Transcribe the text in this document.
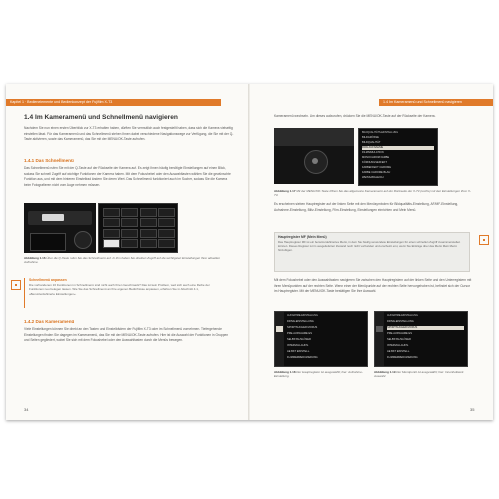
Kapitel 1 · Bedienelemente und Bedienkonzept der Fujifilm X-T3
1.4 Im Kameramenü und Schnellmenü navigieren
Nachdem Sie nun einen ersten Überblick zur X-T3 erhalten haben, dürften Sie vermutlich auch festgestellt haben, dass sich die Kamera vielseitig einstellen lässt. Für das Kameramenü und das Schnellmenü stehen Ihnen dabei verschiedene Navigationswege zur Verfügung, die Sie mit der Q-Taste aktivieren, sowie das Kameramenü, das Sie mit der MENU/OK-Taste aufrufen.
1.4.1 Das Schnellmenü
Das Schnellmenü rufen Sie mit der Q-Taste auf der Rückseite der Kamera auf. Es zeigt Ihnen häufig benötigte Einstellungen auf einen Blick, sodass Sie schnell Zugriff auf wichtige Funktionen der Kamera haben. Mit dem Fokushebel oder den Auswahltasten wählen Sie die gewünschte Funktion aus, und mit dem hinteren Einstellrad ändern Sie deren Wert. Das Schnellmenü funktioniert auch im Sucher, sodass Sie die Kamera beim Fotografieren nicht vom Auge nehmen müssen.
Abbildung 1.16 Über die Q-Taste rufen Sie das Schnellmenü auf. In ihm haben Sie direkten Zugriff auf die wichtigsten Einstellungen Ihrer aktuellen Aufnahme.
Schnellmenü anpassen
Die vorhandenen 16 Funktionen im Schnellmenü sind nicht auch Ihren Geschmack? Das ist kein Problem, weil sich auch eine Reihe der Funktionen neu belegen lassen. Wie Sie das Schnellmenü an Ihre eigenen Bedürfnisse anpassen, erfahren Sie in Abschnitt 4.1, »Benutzerdefinierte Einstellungen«.
1.4.2 Das Kameramenü
Viele Einstellungen können Sie direkt an den Tasten und Einstellrädern der Fujifilm X-T3 oder im Schnellmenü vornehmen. Tiefergehende Einstellungen finden Sie dagegen im Kameramenü, das Sie mit der MENU/OK-Taste aufrufen. Hier ist die Auswahl der Funktionen in Gruppen und Seiten gegliedert, wobei Sie sich mit dem Fokushebel oder den Auswahltasten durch die Menüs bewegen.
34
1.4 Im Kameramenü und Schnellmenü navigieren
Kameramenü wechseln. Um dieses aufzurufen, drücken Sie die MENU/OK-Taste auf der Rückseite der Kamera.
BILDQUALITÄTS-EINSTELLUNG
BILDGRÖSSE
BILDQUALITÄT
RAW AUFNAHME
FILMSIMULATION
MONOCHROM FARBE
KÖRNUNGSEFFEKT
FARBEFFEKT CHROME
FARBE CHROME BLAU
WEISSABGLEICH
Abbildung 1.17 Mit der MENU/OK-Taste öffnen Sie das allgemeine Kameramenü auf der Rückseite der X-T3 (rechts) mit den Einstellungen Ihrer X-T3.
Es erscheinen sieben Hauptregister auf der linken Seite mit den Menüsymbolen für Bildqualitäts-Einstellung, AF/MF-Einstellung, Aufnahme-Einstellung, Blitz-Einstellung, Film-Einstellung, Einstellungen einrichten und Mein Menü.
Hauptregister MF (Mein Menü)
Das Hauptregister MF ist ein benutzerdefiniertes Menü, in dem Sie häufig verwendete Einstellungen für einen schnellen Zugriff zusammenstellen können. Dieses Register ist im ausgelieferten Zustand noch nicht vorhanden und erscheint erst, wenn Sie Einträge über das Menü Mein Menü hinzufügen.
Mit dem Fokushebel oder den Auswahltasten navigieren Sie zwischen den Hauptregistern auf der linken Seite und den Unterregistern mit ihren Menüpunkten auf der rechten Seite. Wenn einer der Menüpunkte auf der rechten Seite hervorgehoben ist, befindet sich der Cursor im Hauptregister. Mit der MENU/OK-Taste bestätigen Sie Ihre Auswahl.
AUFNAHME-EINSTELLUNG
DRIVE-EINSTELLUNG
SPORTSUCHER MODUS
PRE-AUFNAHME ES
SELBSTAUSLÖSER
INTERVALLAUFN.
AE BKT EINSTELL.
FLIMMERREDUZIERUNG
AUFNAHME-EINSTELLUNG
DRIVE-EINSTELLUNG
SPORTSUCHER MODUS
PRE-AUFNAHME ES
SELBSTAUSLÖSER
INTERVALLAUFN.
AE BKT EINSTELL.
FLIMMERREDUZIERUNG
Abbildung 1.18 Der Hauptregister ist ausgewählt; hier: Aufnahme-Einstellung.
Abbildung 1.19 Der Menüpunkt ist ausgewählt; hier: Innenhellwerk Auswahl.
35
